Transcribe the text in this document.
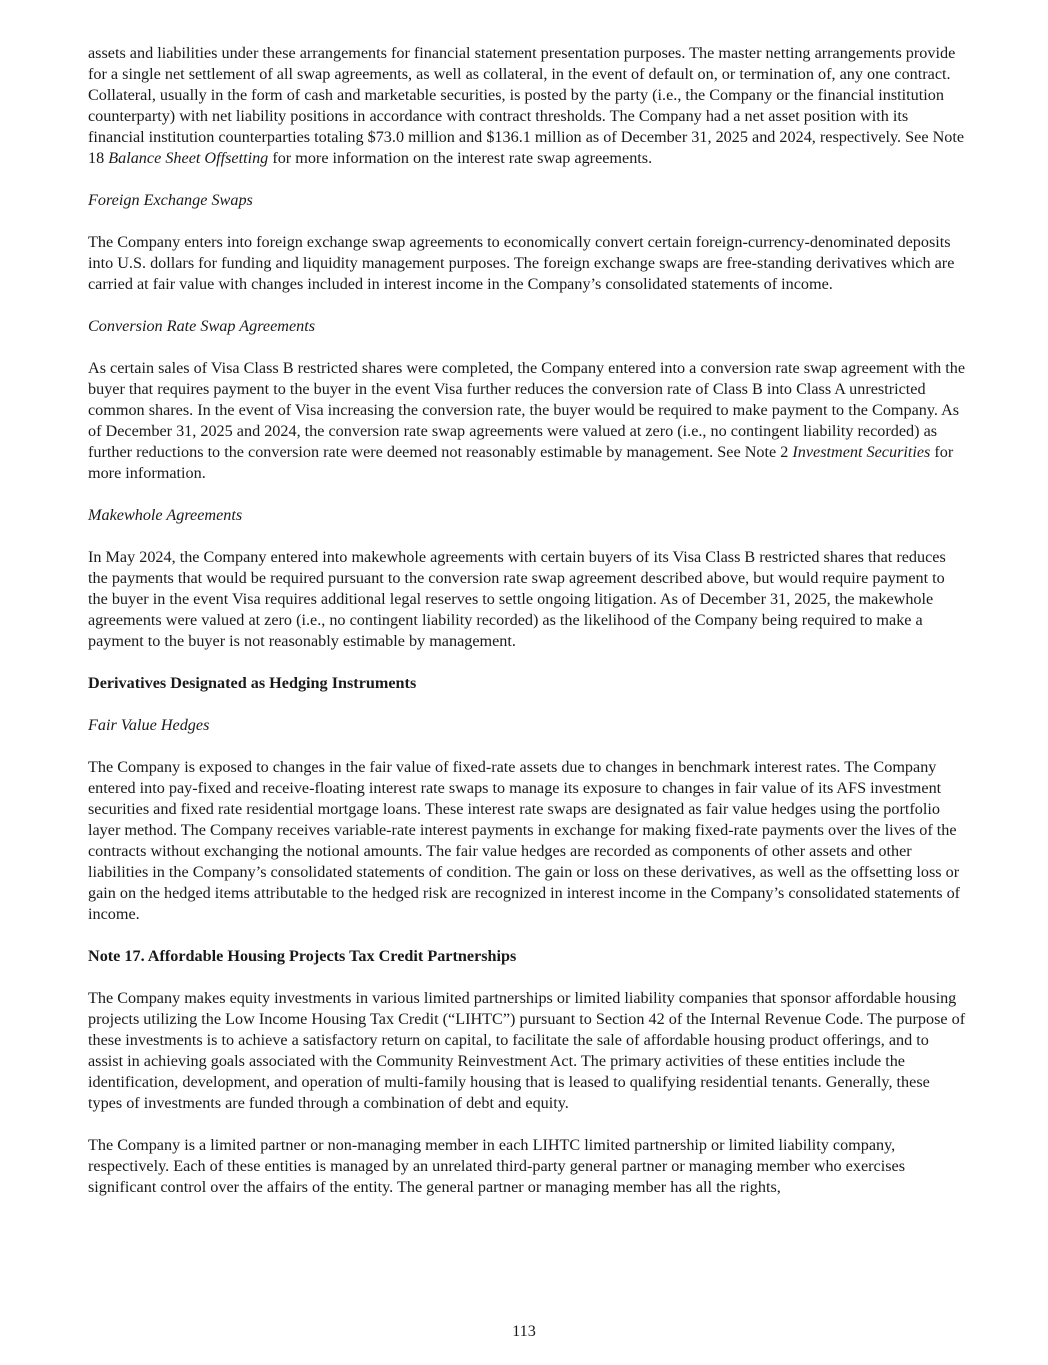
assets and liabilities under these arrangements for financial statement presentation purposes. The master netting arrangements provide for a single net settlement of all swap agreements, as well as collateral, in the event of default on, or termination of, any one contract. Collateral, usually in the form of cash and marketable securities, is posted by the party (i.e., the Company or the financial institution counterparty) with net liability positions in accordance with contract thresholds. The Company had a net asset position with its financial institution counterparties totaling $73.0 million and $136.1 million as of December 31, 2025 and 2024, respectively. See Note 18 Balance Sheet Offsetting for more information on the interest rate swap agreements.

Foreign Exchange Swaps

The Company enters into foreign exchange swap agreements to economically convert certain foreign-currency-denominated deposits into U.S. dollars for funding and liquidity management purposes. The foreign exchange swaps are free-standing derivatives which are carried at fair value with changes included in interest income in the Company’s consolidated statements of income.

Conversion Rate Swap Agreements

As certain sales of Visa Class B restricted shares were completed, the Company entered into a conversion rate swap agreement with the buyer that requires payment to the buyer in the event Visa further reduces the conversion rate of Class B into Class A unrestricted common shares. In the event of Visa increasing the conversion rate, the buyer would be required to make payment to the Company. As of December 31, 2025 and 2024, the conversion rate swap agreements were valued at zero (i.e., no contingent liability recorded) as further reductions to the conversion rate were deemed not reasonably estimable by management. See Note 2 Investment Securities for more information.

Makewhole Agreements

In May 2024, the Company entered into makewhole agreements with certain buyers of its Visa Class B restricted shares that reduces the payments that would be required pursuant to the conversion rate swap agreement described above, but would require payment to the buyer in the event Visa requires additional legal reserves to settle ongoing litigation. As of December 31, 2025, the makewhole agreements were valued at zero (i.e., no contingent liability recorded) as the likelihood of the Company being required to make a payment to the buyer is not reasonably estimable by management.

Derivatives Designated as Hedging Instruments

Fair Value Hedges

The Company is exposed to changes in the fair value of fixed-rate assets due to changes in benchmark interest rates. The Company entered into pay-fixed and receive-floating interest rate swaps to manage its exposure to changes in fair value of its AFS investment securities and fixed rate residential mortgage loans. These interest rate swaps are designated as fair value hedges using the portfolio layer method. The Company receives variable-rate interest payments in exchange for making fixed-rate payments over the lives of the contracts without exchanging the notional amounts. The fair value hedges are recorded as components of other assets and other liabilities in the Company’s consolidated statements of condition. The gain or loss on these derivatives, as well as the offsetting loss or gain on the hedged items attributable to the hedged risk are recognized in interest income in the Company’s consolidated statements of income.

Note 17. Affordable Housing Projects Tax Credit Partnerships

The Company makes equity investments in various limited partnerships or limited liability companies that sponsor affordable housing projects utilizing the Low Income Housing Tax Credit (“LIHTC”) pursuant to Section 42 of the Internal Revenue Code. The purpose of these investments is to achieve a satisfactory return on capital, to facilitate the sale of affordable housing product offerings, and to assist in achieving goals associated with the Community Reinvestment Act. The primary activities of these entities include the identification, development, and operation of multi-family housing that is leased to qualifying residential tenants. Generally, these types of investments are funded through a combination of debt and equity.

The Company is a limited partner or non-managing member in each LIHTC limited partnership or limited liability company, respectively. Each of these entities is managed by an unrelated third-party general partner or managing member who exercises significant control over the affairs of the entity. The general partner or managing member has all the rights,

113
